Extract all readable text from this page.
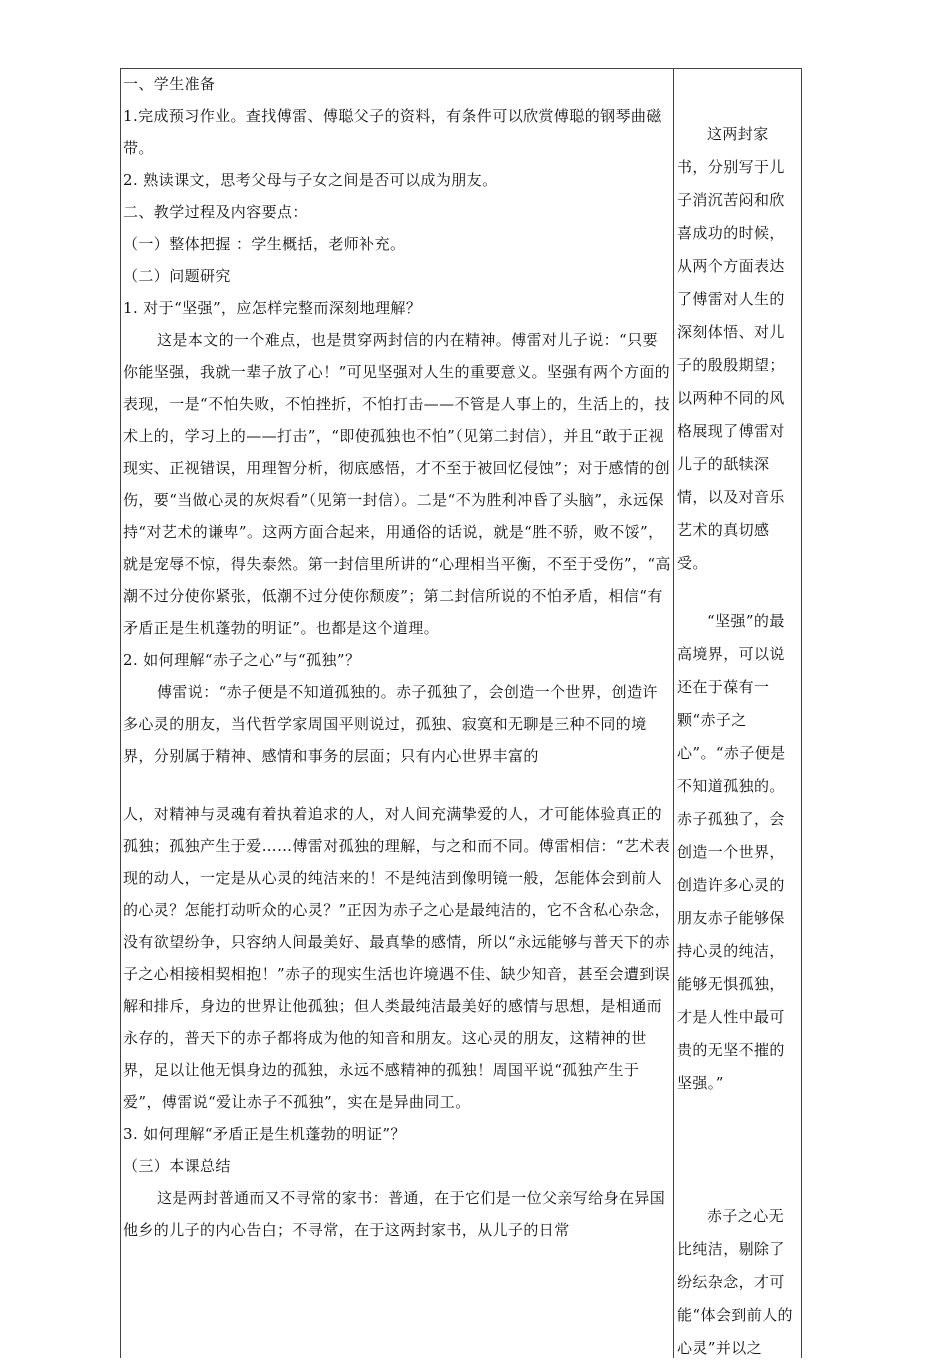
一、学生准备

1.完成预习作业。查找傅雷、傅聪父子的资料，有条件可以欣赏傅聪的钢琴曲磁带。

2. 熟读课文，思考父母与子女之间是否可以成为朋友。

二、教学过程及内容要点：

（一）整体把握 ：学生概括，老师补充。

（二）问题研究

1. 对于“坚强”，应怎样完整而深刻地理解？

这是本文的一个难点，也是贯穿两封信的内在精神。傅雷对儿子说：“只要你能坚强，我就一辈子放了心！”可见坚强对人生的重要意义。坚强有两个方面的表现，一是“不怕失败，不怕挫折，不怕打击——不管是人事上的，生活上的，技术上的，学习上的——打击”，“即使孤独也不怕”（见第二封信），并且“敢于正视现实、正视错误，用理智分析，彻底感悟，才不至于被回忆侵蚀”；对于感情的创伤，要“当做心灵的灰烬看”（见第一封信）。二是“不为胜利冲昏了头脑”，永远保持“对艺术的谦卑”。这两方面合起来，用通俗的话说，就是“胜不骄，败不馁”，就是宠辱不惊，得失泰然。第一封信里所讲的“心理相当平衡，不至于受伤”，“高潮不过分使你紧张，低潮不过分使你颓废”；第二封信所说的不怕矛盾，相信“有矛盾正是生机蓬勃的明证”。也都是这个道理。

2. 如何理解“赤子之心”与“孤独”？

傅雷说：“赤子便是不知道孤独的。赤子孤独了，会创造一个世界，创造许多心灵的朋友，当代哲学家周国平则说过，孤独、寂寞和无聊是三种不同的境界，分别属于精神、感情和事务的层面；只有内心世界丰富的

人，对精神与灵魂有着执着追求的人，对人间充满挚爱的人，才可能体验真正的孤独；孤独产生于爱……傅雷对孤独的理解，与之和而不同。傅雷相信：“艺术表现的动人，一定是从心灵的纯洁来的！不是纯洁到像明镜一般，怎能体会到前人的心灵？怎能打动听众的心灵？”正因为赤子之心是最纯洁的，它不含私心杂念，没有欲望纷争，只容纳人间最美好、最真挚的感情，所以“永远能够与普天下的赤子之心相接相契相抱！”赤子的现实生活也许境遇不佳、缺少知音，甚至会遭到误解和排斥，身边的世界让他孤独；但人类最纯洁最美好的感情与思想，是相通而永存的，普天下的赤子都将成为他的知音和朋友。这心灵的朋友，这精神的世界，足以让他无惧身边的孤独，永远不感精神的孤独！周国平说“孤独产生于爱”，傅雷说“爱让赤子不孤独”，实在是异曲同工。

3. 如何理解“矛盾正是生机蓬勃的明证”？

（三）本课总结

这是两封普通而又不寻常的家书：普通，在于它们是一位父亲写给身在异国他乡的儿子的内心告白；不寻常，在于这两封家书，从儿子的日常

这两封家书，分别写于儿子消沉苦闷和欣喜成功的时候，从两个方面表达了傅雷对人生的深刻体悟、对儿子的殷殷期望；以两种不同的风格展现了傅雷对儿子的舐犊深情，以及对音乐艺术的真切感受。

“坚强”的最高境界，可以说还在于葆有一颗“赤子之心”。“赤子便是不知道孤独的。赤子孤独了，会创造一个世界，创造许多心灵的朋友赤子能够保持心灵的纯洁，能够无惧孤独，才是人性中最可贵的无坚不摧的坚强。”

赤子之心无比纯洁，剔除了纷纭杂念，才可能“体会到前人的心灵”并以之
